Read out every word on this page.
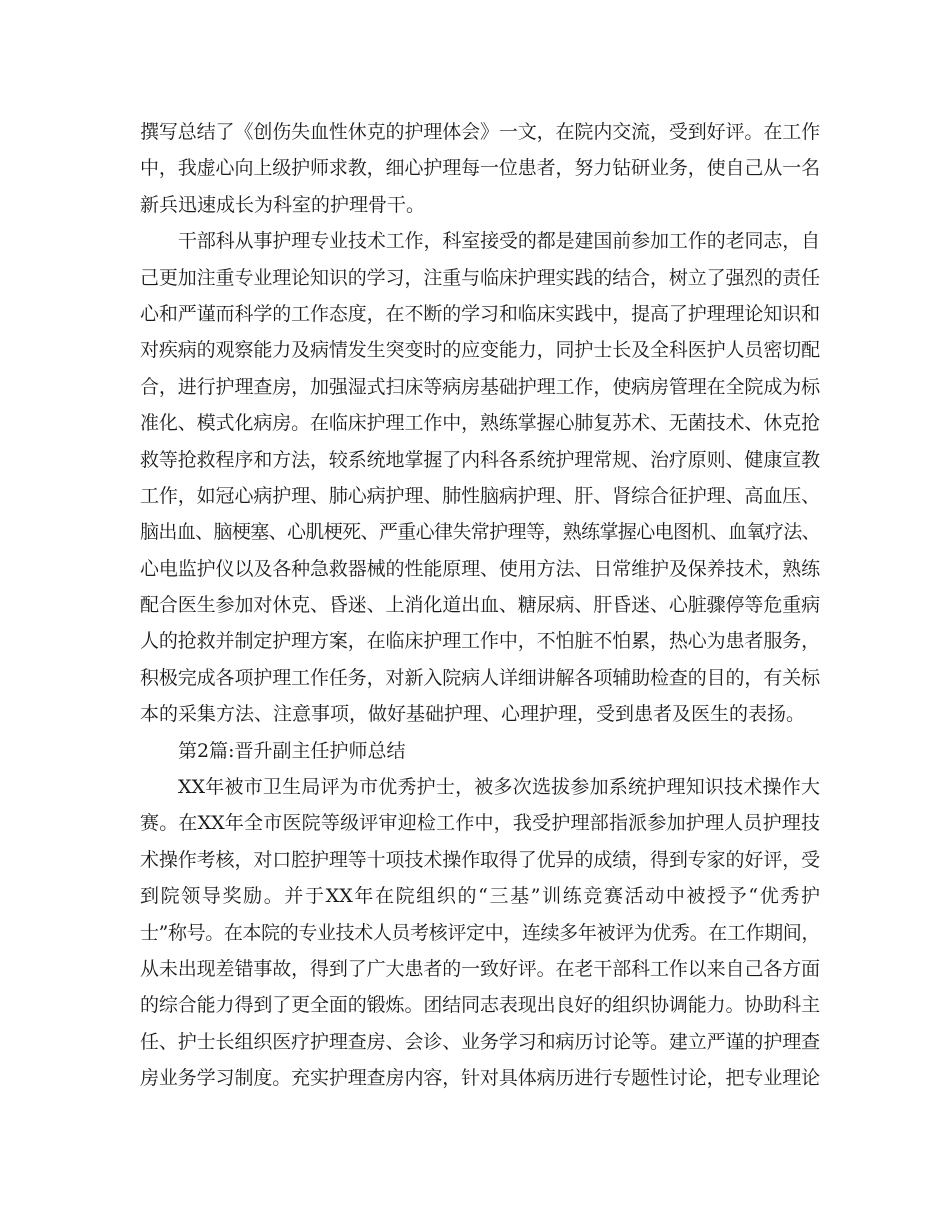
撰写总结了《创伤失血性休克的护理体会》一文，在院内交流，受到好评。在工作
中，我虚心向上级护师求教，细心护理每一位患者，努力钻研业务，使自己从一名
新兵迅速成长为科室的护理骨干。
干部科从事护理专业技术工作，科室接受的都是建国前参加工作的老同志，自
己更加注重专业理论知识的学习，注重与临床护理实践的结合，树立了强烈的责任
心和严谨而科学的工作态度，在不断的学习和临床实践中，提高了护理理论知识和
对疾病的观察能力及病情发生突变时的应变能力，同护士长及全科医护人员密切配
合，进行护理查房，加强湿式扫床等病房基础护理工作，使病房管理在全院成为标
准化、模式化病房。在临床护理工作中，熟练掌握心肺复苏术、无菌技术、休克抢
救等抢救程序和方法，较系统地掌握了内科各系统护理常规、治疗原则、健康宣教
工作，如冠心病护理、肺心病护理、肺性脑病护理、肝、肾综合征护理、高血压、
脑出血、脑梗塞、心肌梗死、严重心律失常护理等，熟练掌握心电图机、血氧疗法、
心电监护仪以及各种急救器械的性能原理、使用方法、日常维护及保养技术，熟练
配合医生参加对休克、昏迷、上消化道出血、糖尿病、肝昏迷、心脏骤停等危重病
人的抢救并制定护理方案，在临床护理工作中，不怕脏不怕累，热心为患者服务，
积极完成各项护理工作任务，对新入院病人详细讲解各项辅助检查的目的，有关标
本的采集方法、注意事项，做好基础护理、心理护理，受到患者及医生的表扬。
第2篇:晋升副主任护师总结
XX年被市卫生局评为市优秀护士，被多次选拔参加系统护理知识技术操作大
赛。在XX年全市医院等级评审迎检工作中，我受护理部指派参加护理人员护理技
术操作考核，对口腔护理等十项技术操作取得了优异的成绩，得到专家的好评，受
到院领导奖励。并于XX年在院组织的“三基”训练竞赛活动中被授予“优秀护
士”称号。在本院的专业技术人员考核评定中，连续多年被评为优秀。在工作期间，
从未出现差错事故，得到了广大患者的一致好评。在老干部科工作以来自己各方面
的综合能力得到了更全面的锻炼。团结同志表现出良好的组织协调能力。协助科主
任、护士长组织医疗护理查房、会诊、业务学习和病历讨论等。建立严谨的护理查
房业务学习制度。充实护理查房内容，针对具体病历进行专题性讨论，把专业理论
